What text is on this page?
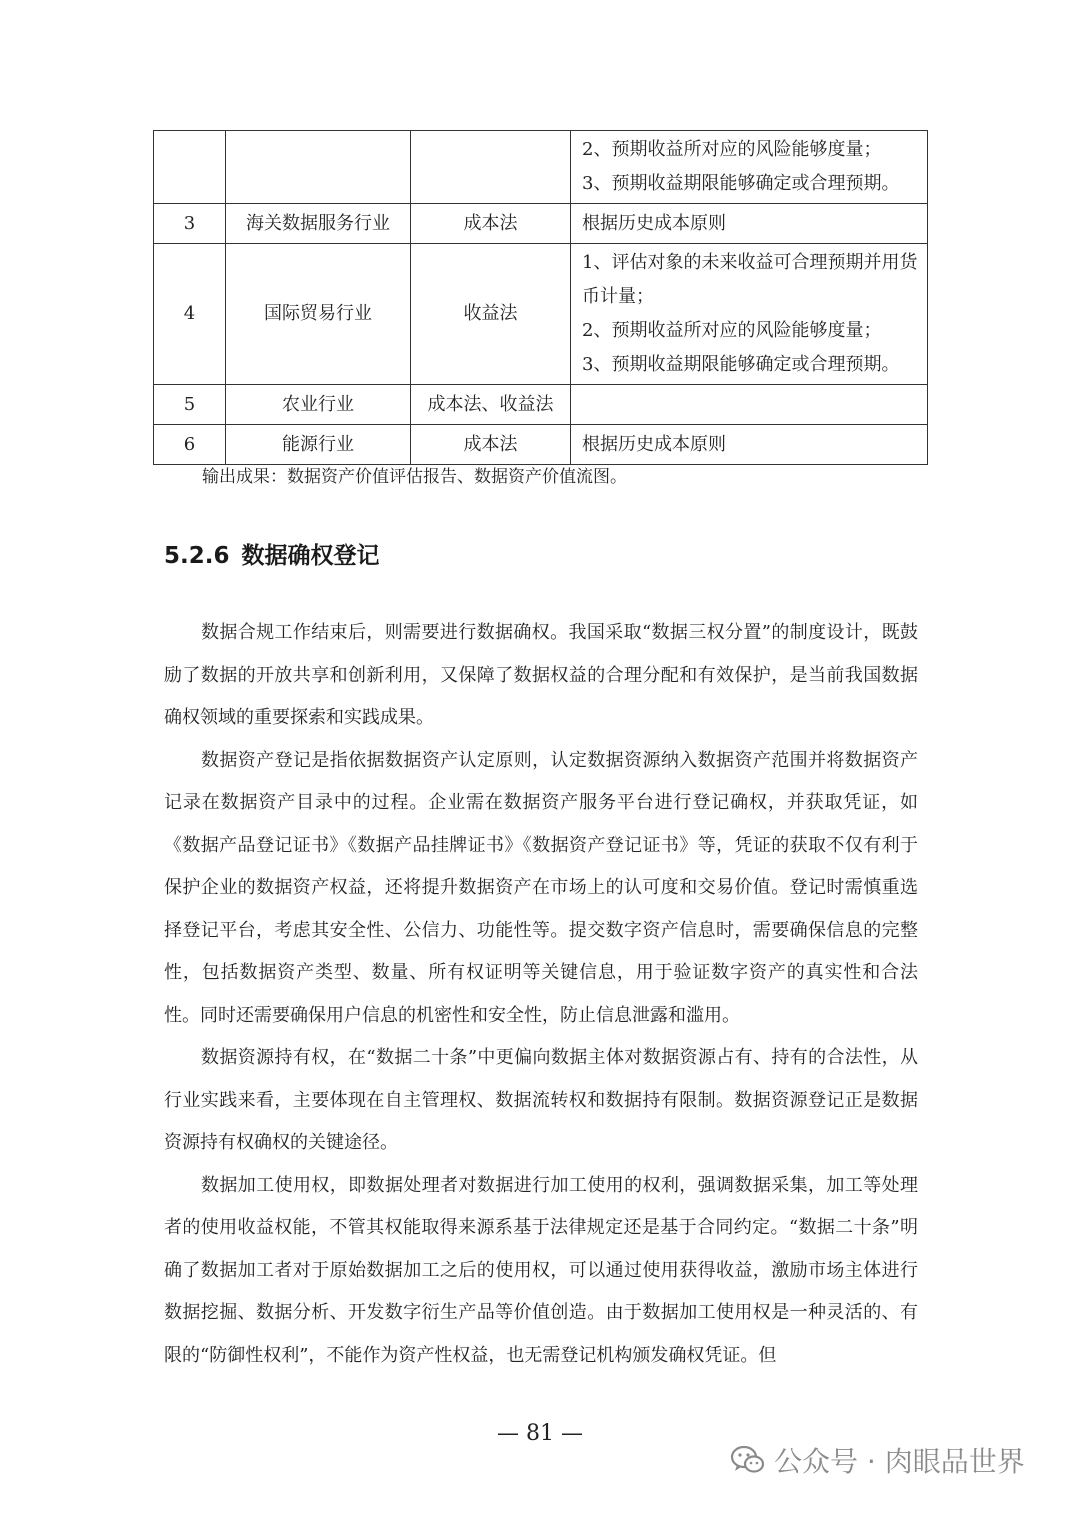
			2、预期收益所对应的风险能够度量；
3、预期收益期限能够确定或合理预期。

3	海关数据服务行业	成本法	根据历史成本原则

4	国际贸易行业	收益法	1、评估对象的未来收益可合理预期并用货币计量；
2、预期收益所对应的风险能够度量；
3、预期收益期限能够确定或合理预期。

5	农业行业	成本法、收益法	

6	能源行业	成本法	根据历史成本原则
输出成果：数据资产价值评估报告、数据资产价值流图。
5.2.6 数据确权登记

数据合规工作结束后，则需要进行数据确权。我国采取“数据三权分置”的制度设计，既鼓励了数据的开放共享和创新利用，又保障了数据权益的合理分配和有效保护，是当前我国数据确权领域的重要探索和实践成果。

数据资产登记是指依据数据资产认定原则，认定数据资源纳入数据资产范围并将数据资产记录在数据资产目录中的过程。企业需在数据资产服务平台进行登记确权，并获取凭证，如《数据产品登记证书》《数据产品挂牌证书》《数据资产登记证书》等，凭证的获取不仅有利于保护企业的数据资产权益，还将提升数据资产在市场上的认可度和交易价值。登记时需慎重选择登记平台，考虑其安全性、公信力、功能性等。提交数字资产信息时，需要确保信息的完整性，包括数据资产类型、数量、所有权证明等关键信息，用于验证数字资产的真实性和合法性。同时还需要确保用户信息的机密性和安全性，防止信息泄露和滥用。

数据资源持有权，在“数据二十条”中更偏向数据主体对数据资源占有、持有的合法性，从行业实践来看，主要体现在自主管理权、数据流转权和数据持有限制。数据资源登记正是数据资源持有权确权的关键途径。

数据加工使用权，即数据处理者对数据进行加工使用的权利，强调数据采集，加工等处理者的使用收益权能，不管其权能取得来源系基于法律规定还是基于合同约定。“数据二十条”明确了数据加工者对于原始数据加工之后的使用权，可以通过使用获得收益，激励市场主体进行数据挖掘、数据分析、开发数字衍生产品等价值创造。由于数据加工使用权是一种灵活的、有限的“防御性权利”，不能作为资产性权益，也无需登记机构颁发确权凭证。但

— 81 —
公众号 · 肉眼品世界
